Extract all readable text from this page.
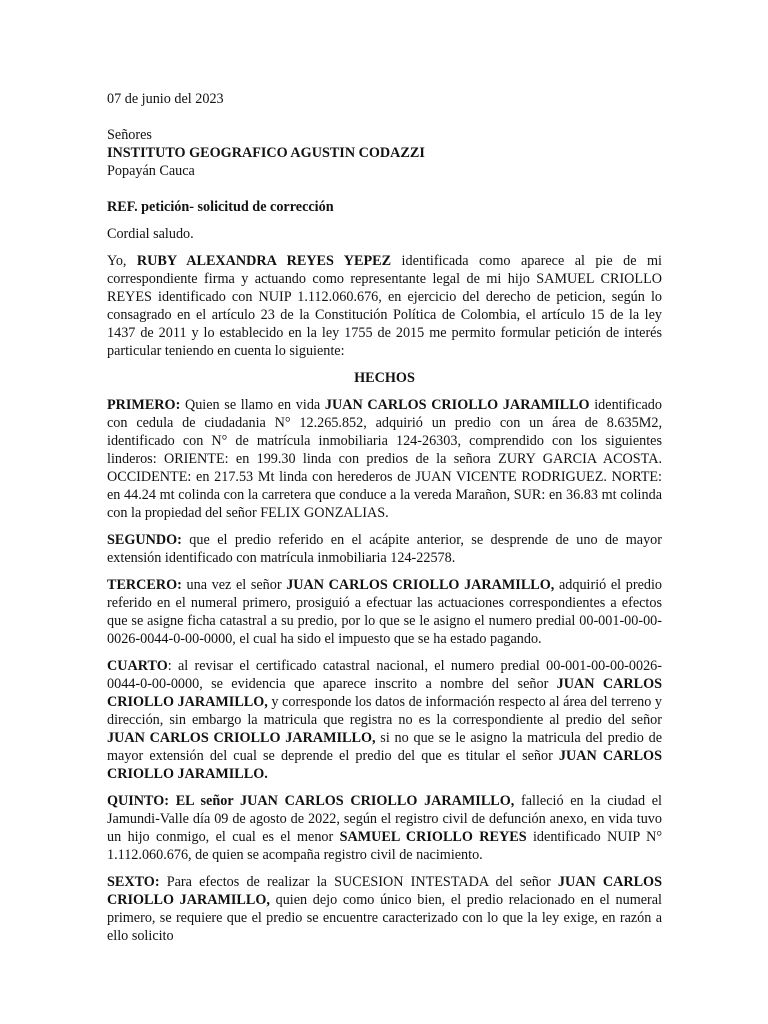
07 de junio del 2023

Señores

INSTITUTO GEOGRAFICO AGUSTIN CODAZZI

Popayán Cauca

REF. petición- solicitud de corrección

Cordial saludo.

Yo, RUBY ALEXANDRA REYES YEPEZ identificada como aparece al pie de mi correspondiente firma y actuando como representante legal de mi hijo SAMUEL CRIOLLO REYES identificado con NUIP 1.112.060.676, en ejercicio del derecho de peticion, según lo consagrado en el artículo 23 de la Constitución Política de Colombia, el artículo 15 de la ley 1437 de 2011 y lo establecido en la ley 1755 de 2015 me permito formular petición de interés particular teniendo en cuenta lo siguiente:

HECHOS

PRIMERO: Quien se llamo en vida JUAN CARLOS CRIOLLO JARAMILLO identificado con cedula de ciudadania N° 12.265.852, adquirió un predio con un área de 8.635M2, identificado con N° de matrícula inmobiliaria 124-26303, comprendido con los siguientes linderos: ORIENTE: en 199.30 linda con predios de la señora ZURY GARCIA ACOSTA. OCCIDENTE: en 217.53 Mt linda con herederos de JUAN VICENTE RODRIGUEZ. NORTE: en 44.24 mt colinda con la carretera que conduce a la vereda Marañon, SUR: en 36.83 mt colinda con la propiedad del señor FELIX GONZALIAS.

SEGUNDO: que el predio referido en el acápite anterior, se desprende de uno de mayor extensión identificado con matrícula inmobiliaria 124-22578.

TERCERO: una vez el señor JUAN CARLOS CRIOLLO JARAMILLO, adquirió el predio referido en el numeral primero, prosiguió a efectuar las actuaciones correspondientes a efectos que se asigne ficha catastral a su predio, por lo que se le asigno el numero predial 00-001-00-00-0026-0044-0-00-0000, el cual ha sido el impuesto que se ha estado pagando.

CUARTO: al revisar el certificado catastral nacional, el numero predial 00-001-00-00-0026-0044-0-00-0000, se evidencia que aparece inscrito a nombre del señor JUAN CARLOS CRIOLLO JARAMILLO, y corresponde los datos de información respecto al área del terreno y dirección, sin embargo la matricula que registra no es la correspondiente al predio del señor JUAN CARLOS CRIOLLO JARAMILLO, si no que se le asigno la matricula del predio de mayor extensión del cual se deprende el predio del que es titular el señor JUAN CARLOS CRIOLLO JARAMILLO.

QUINTO: EL señor JUAN CARLOS CRIOLLO JARAMILLO, falleció en la ciudad el Jamundi-Valle día 09 de agosto de 2022, según el registro civil de defunción anexo, en vida tuvo un hijo conmigo, el cual es el menor SAMUEL CRIOLLO REYES identificado NUIP N° 1.112.060.676, de quien se acompaña registro civil de nacimiento.

SEXTO: Para efectos de realizar la SUCESION INTESTADA del señor JUAN CARLOS CRIOLLO JARAMILLO, quien dejo como único bien, el predio relacionado en el numeral primero, se requiere que el predio se encuentre caracterizado con lo que la ley exige, en razón a ello solicito
